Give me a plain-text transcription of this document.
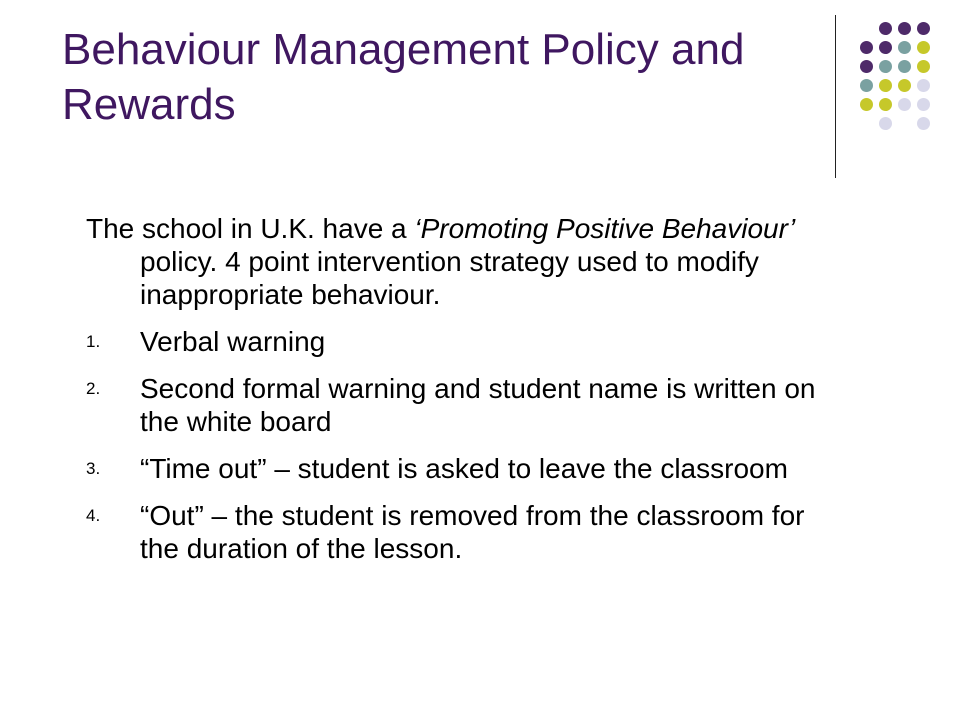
Behaviour Management Policy and Rewards

The school in U.K. have a ‘Promoting Positive Behaviour’ policy. 4 point intervention strategy used to modify inappropriate behaviour.

1. Verbal warning
2. Second formal warning and student name is written on the white board
3. “Time out” – student is asked to leave the classroom
4. “Out” – the student is removed from the classroom for the duration of the lesson.
